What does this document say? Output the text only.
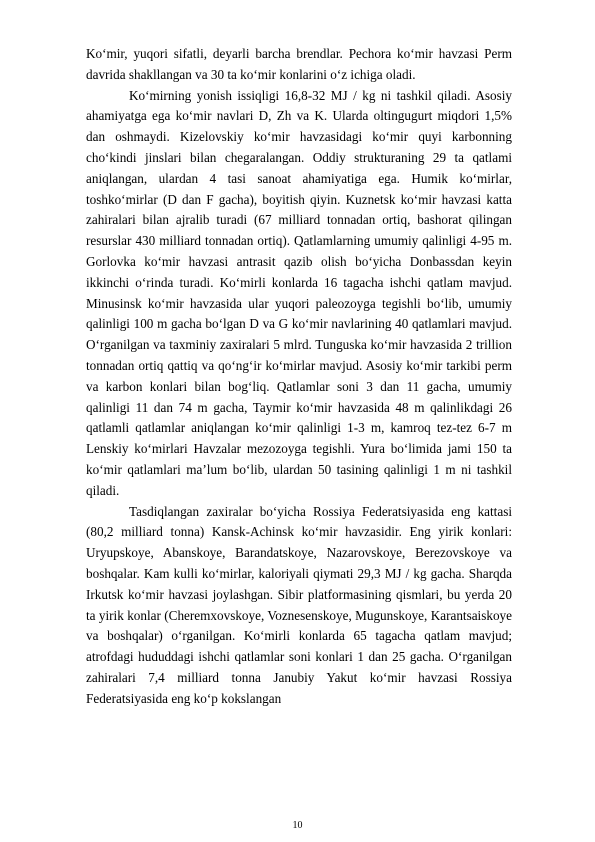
Ko‘mir, yuqori sifatli, deyarli barcha brendlar. Pechora ko‘mir havzasi Perm davrida shakllangan va 30 ta ko‘mir konlarini o‘z ichiga oladi.

Ko‘mirning yonish issiqligi 16,8-32 MJ / kg ni tashkil qiladi. Asosiy ahamiyatga ega ko‘mir navlari D, Zh va K. Ularda oltingugurt miqdori 1,5% dan oshmaydi. Kizelovskiy ko‘mir havzasidagi ko‘mir quyi karbonning cho‘kindi jinslari bilan chegaralangan. Oddiy strukturaning 29 ta qatlami aniqlangan, ulardan 4 tasi sanoat ahamiyatiga ega. Humik ko‘mirlar, toshko‘mirlar (D dan F gacha), boyitish qiyin. Kuznetsk ko‘mir havzasi katta zahiralari bilan ajralib turadi (67 milliard tonnadan ortiq, bashorat qilingan resurslar 430 milliard tonnadan ortiq). Qatlamlarning umumiy qalinligi 4-95 m. Gorlovka ko‘mir havzasi antrasit qazib olish bo‘yicha Donbassdan keyin ikkinchi o‘rinda turadi. Ko‘mirli konlarda 16 tagacha ishchi qatlam mavjud. Minusinsk ko‘mir havzasida ular yuqori paleozoyga tegishli bo‘lib, umumiy qalinligi 100 m gacha bo‘lgan D va G ko‘mir navlarining 40 qatlamlari mavjud. O‘rganilgan va taxminiy zaxiralari 5 mlrd. Tunguska ko‘mir havzasida 2 trillion tonnadan ortiq qattiq va qo‘ng‘ir ko‘mirlar mavjud. Asosiy ko‘mir tarkibi perm va karbon konlari bilan bog‘liq. Qatlamlar soni 3 dan 11 gacha, umumiy qalinligi 11 dan 74 m gacha, Taymir ko‘mir havzasida 48 m qalinlikdagi 26 qatlamli qatlamlar aniqlangan ko‘mir qalinligi 1-3 m, kamroq tez-tez 6-7 m Lenskiy ko‘mirlari Havzalar mezozoyga tegishli. Yura bo‘limida jami 150 ta ko‘mir qatlamlari ma’lum bo‘lib, ulardan 50 tasining qalinligi 1 m ni tashkil qiladi.

Tasdiqlangan zaxiralar bo‘yicha Rossiya Federatsiyasida eng kattasi (80,2 milliard tonna) Kansk-Achinsk ko‘mir havzasidir. Eng yirik konlari: Uryupskoye, Abanskoye, Barandatskoye, Nazarovskoye, Berezovskoye va boshqalar. Kam kulli ko‘mirlar, kaloriyali qiymati 29,3 MJ / kg gacha. Sharqda Irkutsk ko‘mir havzasi joylashgan. Sibir platformasining qismlari, bu yerda 20 ta yirik konlar (Cheremxovskoye, Voznesenskoye, Mugunskoye, Karantsaiskoye va boshqalar) o‘rganilgan. Ko‘mirli konlarda 65 tagacha qatlam mavjud; atrofdagi hududdagi ishchi qatlamlar soni konlari 1 dan 25 gacha. O‘rganilgan zahiralari 7,4 milliard tonna Janubiy Yakut ko‘mir havzasi Rossiya Federatsiyasida eng ko‘p kokslangan

10
